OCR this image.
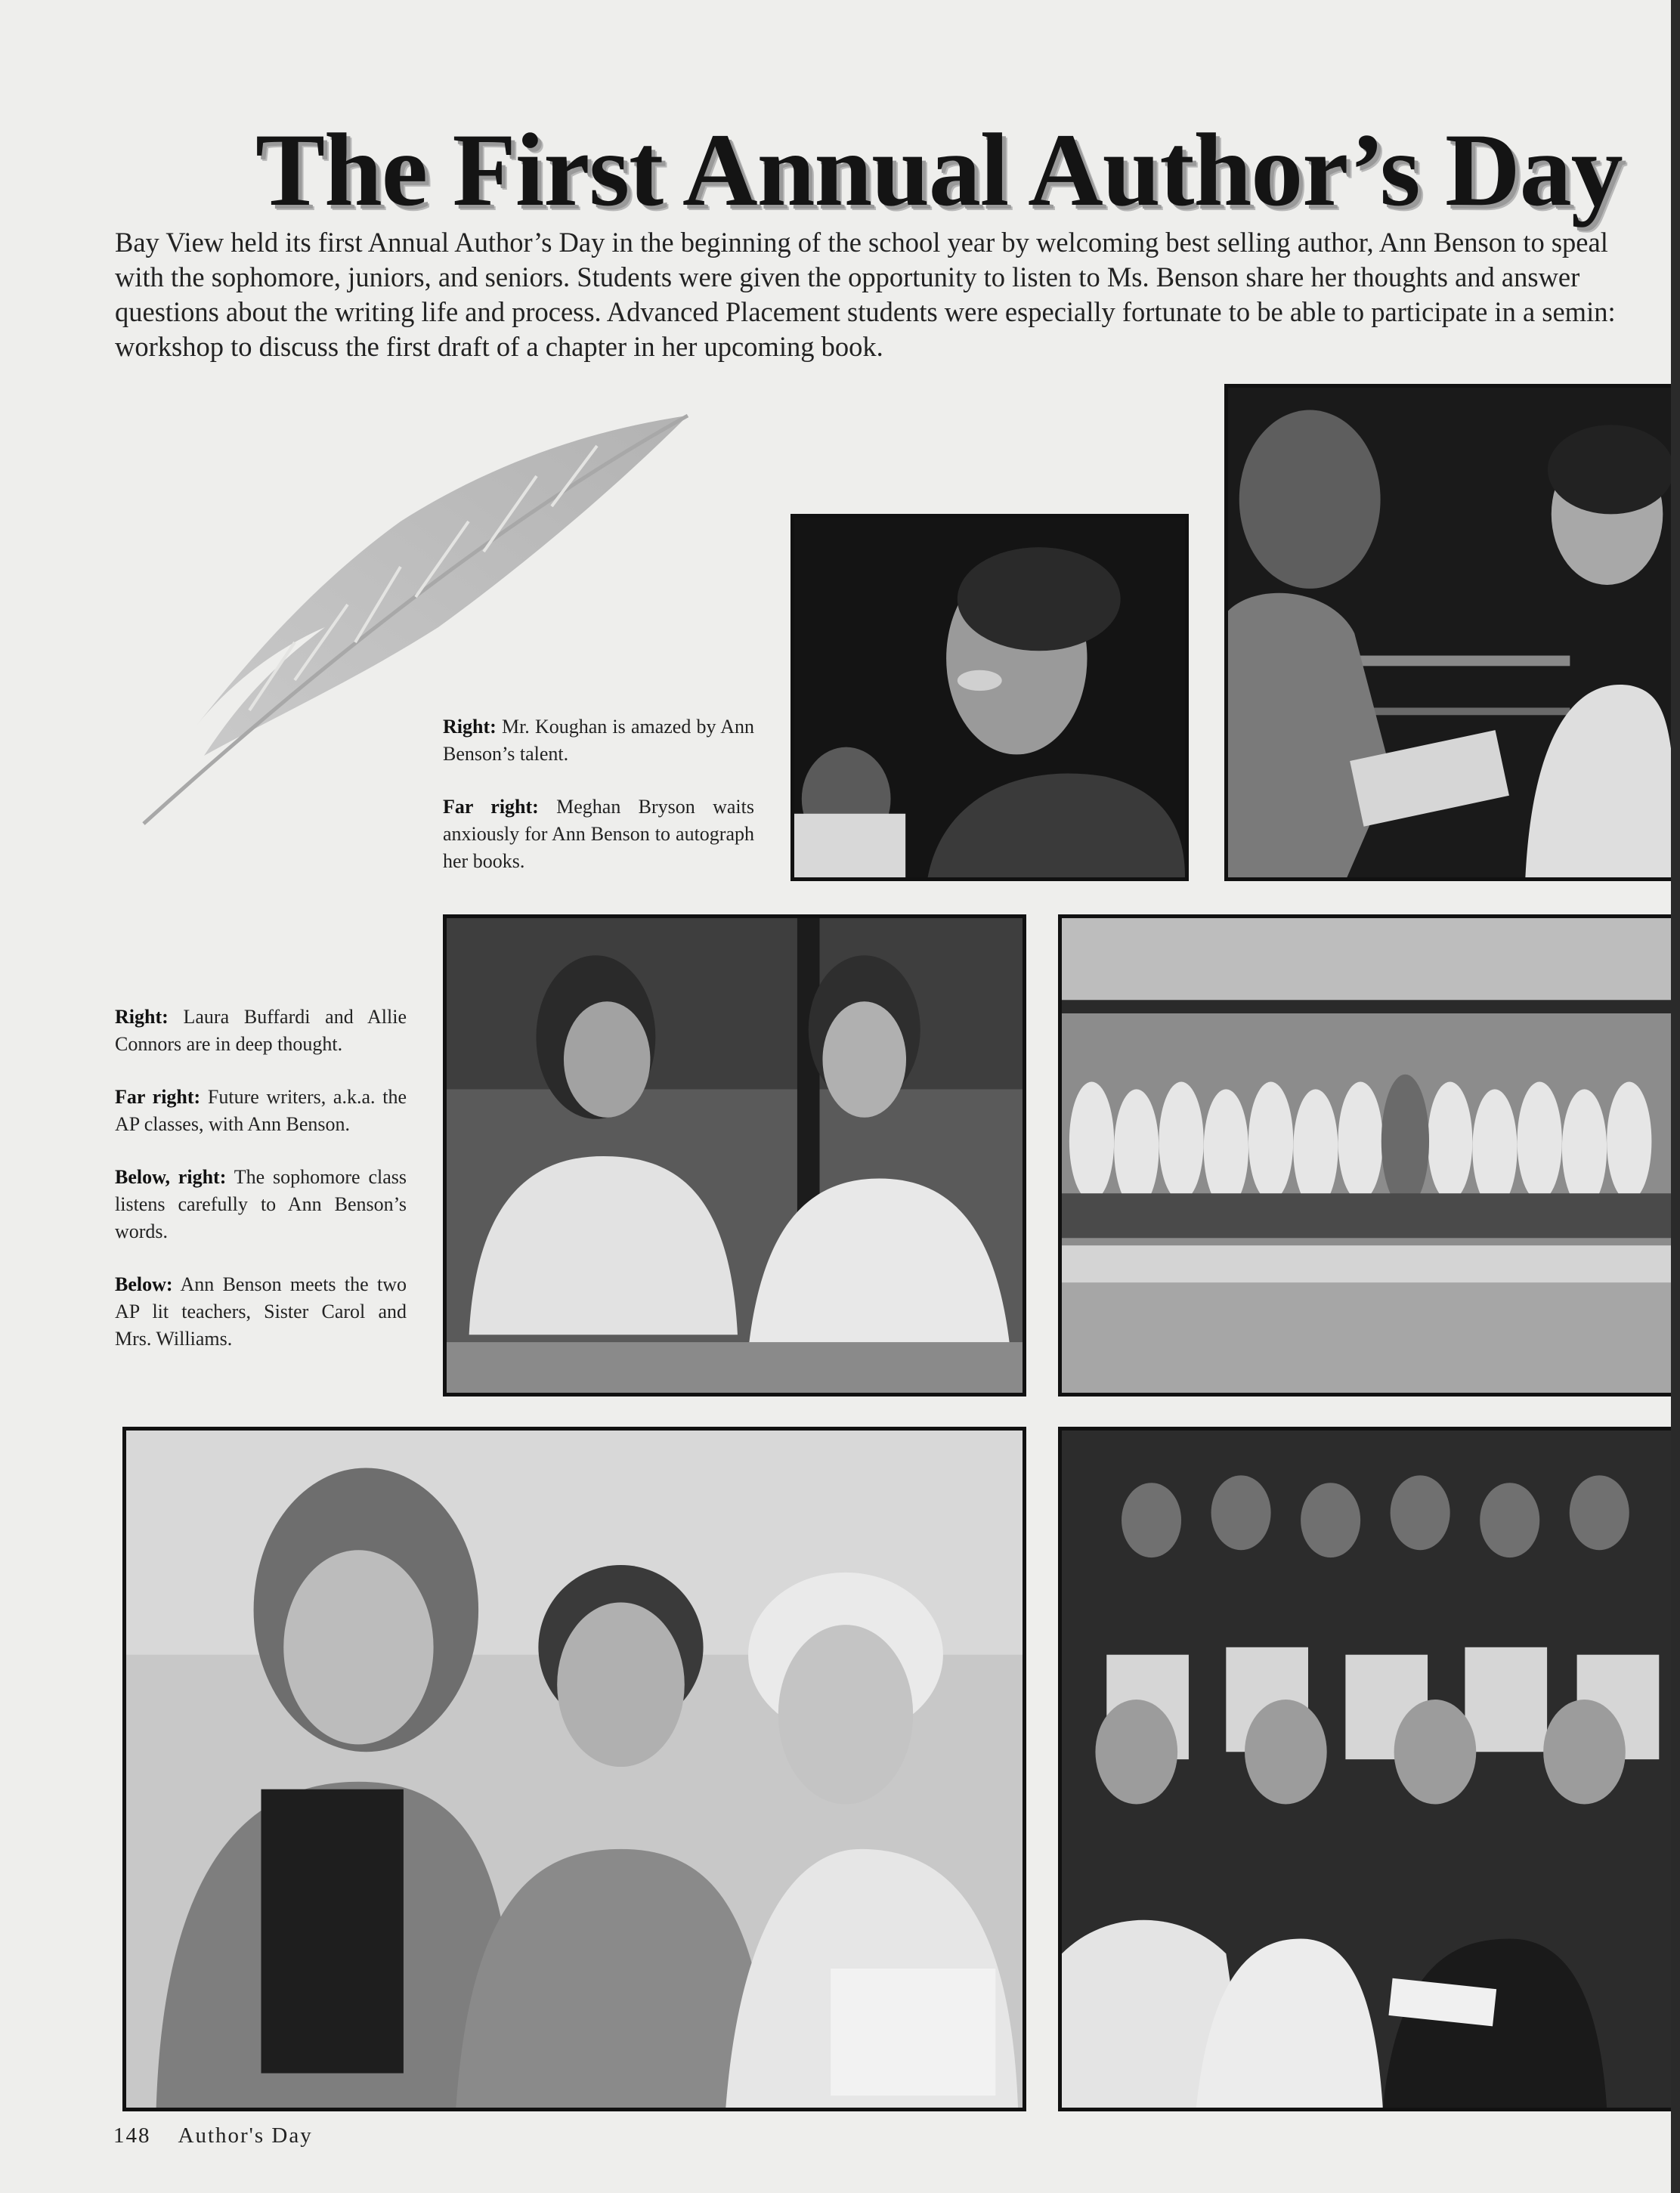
The First Annual Author’s Day
Bay View held its first Annual Author’s Day in the beginning of the school year by welcoming best selling author, Ann Benson to speal
with the sophomore, juniors, and seniors. Students were given the opportunity to listen to Ms. Benson share her thoughts and answer
questions about the writing life and process. Advanced Placement students were especially fortunate to be able to participate in a semin:
workshop to discuss the first draft of a chapter in her upcoming book.

Right: Mr. Koughan is amazed by Ann Benson’s talent.

Far right: Meghan Bryson waits anxiously for Ann Benson to autograph her books.

Right: Laura Buffardi and Allie Connors are in deep thought.

Far right: Future writers, a.k.a. the AP classes, with Ann Benson.

Below, right: The sophomore class listens carefully to Ann Benson’s words.

Below: Ann Benson meets the two AP lit teachers, Sister Carol and Mrs. Williams.

148 Author's Day
